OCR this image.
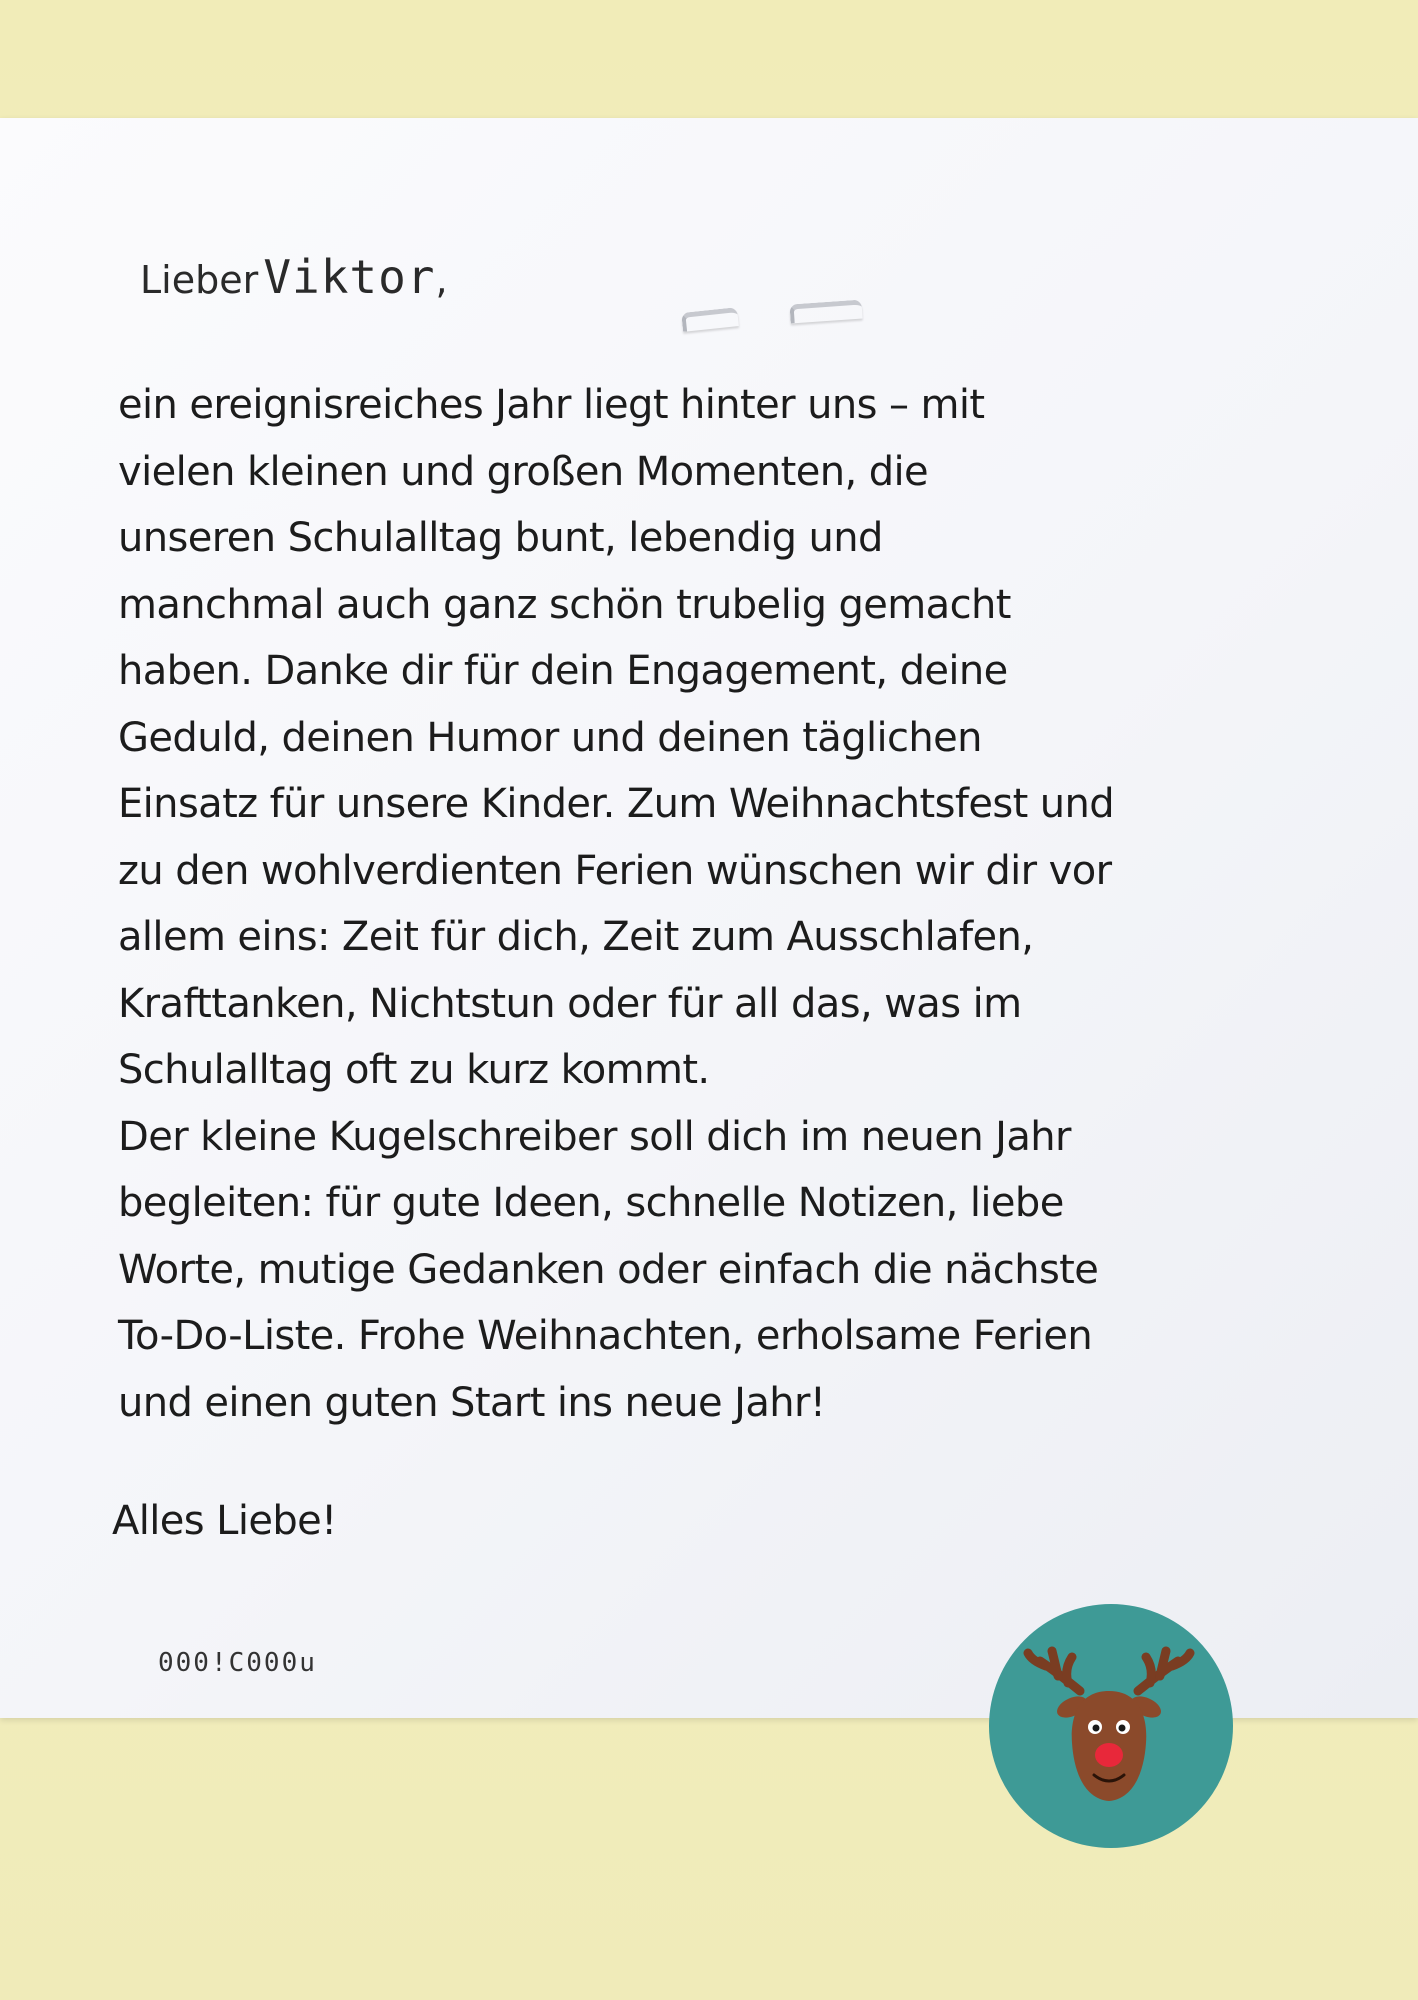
Lieber Viktor,
ein ereignisreiches Jahr liegt hinter uns – mit
vielen kleinen und großen Momenten, die
unseren Schulalltag bunt, lebendig und
manchmal auch ganz schön trubelig gemacht
haben. Danke dir für dein Engagement, deine
Geduld, deinen Humor und deinen täglichen
Einsatz für unsere Kinder. Zum Weihnachtsfest und
zu den wohlverdienten Ferien wünschen wir dir vor
allem eins: Zeit für dich, Zeit zum Ausschlafen,
Krafttanken, Nichtstun oder für all das, was im
Schulalltag oft zu kurz kommt.
Der kleine Kugelschreiber soll dich im neuen Jahr
begleiten: für gute Ideen, schnelle Notizen, liebe
Worte, mutige Gedanken oder einfach die nächste
To-Do-Liste. Frohe Weihnachten, erholsame Ferien
und einen guten Start ins neue Jahr!
Alles Liebe!
000!C000u
